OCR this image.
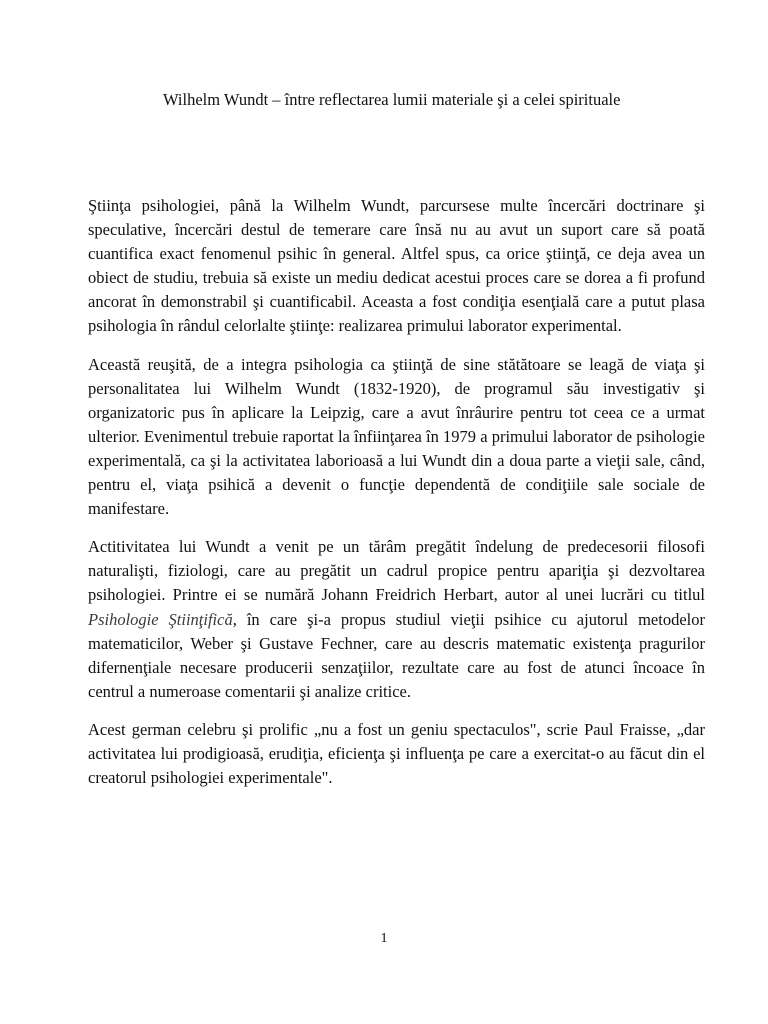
Wilhelm Wundt – între reflectarea lumii materiale şi a celei spirituale

Ştiinţa psihologiei, până la Wilhelm Wundt, parcursese multe încercări doctrinare şi speculative, încercări destul de temerare care însă nu au avut un suport care să poată cuantifica exact fenomenul psihic în general. Altfel spus, ca orice ştiinţă, ce deja avea un obiect de studiu, trebuia să existe un mediu dedicat acestui proces care se dorea a fi profund ancorat în demonstrabil şi cuantificabil. Aceasta a fost condiţia esenţială care a putut plasa psihologia în rândul celorlalte ştiinţe: realizarea primului laborator experimental.

Această reuşită, de a integra psihologia ca ştiinţă de sine stătătoare se leagă de viaţa şi personalitatea lui Wilhelm Wundt (1832-1920), de programul său investigativ şi organizatoric pus în aplicare la Leipzig, care a avut înrâurire pentru tot ceea ce a urmat ulterior. Evenimentul trebuie raportat la înfiinţarea în 1979 a primului laborator de psihologie experimentală, ca şi la activitatea laborioasă a lui Wundt din a doua parte a vieţii sale, când, pentru el, viaţa psihică a devenit o funcţie dependentă de condiţiile sale sociale de manifestare.

Actitivitatea lui Wundt a venit pe un tărâm pregătit îndelung de predecesorii filosofi naturalişti, fiziologi, care au pregătit un cadrul propice pentru apariţia şi dezvoltarea psihologiei. Printre ei se numără Johann Freidrich Herbart, autor al unei lucrări cu titlul Psihologie Ştiinţifică, în care şi-a propus studiul vieţii psihice cu ajutorul metodelor matematicilor, Weber şi Gustave Fechner, care au descris matematic existenţa pragurilor difernenţiale necesare producerii senzaţiilor, rezultate care au fost de atunci încoace în centrul a numeroase comentarii şi analize critice.

Acest german celebru şi prolific „nu a fost un geniu spectaculos", scrie Paul Fraisse, „dar activitatea lui prodigioasă, erudiţia, eficienţa şi influenţa pe care a exercitat-o au făcut din el creatorul psihologiei experimentale".

1
